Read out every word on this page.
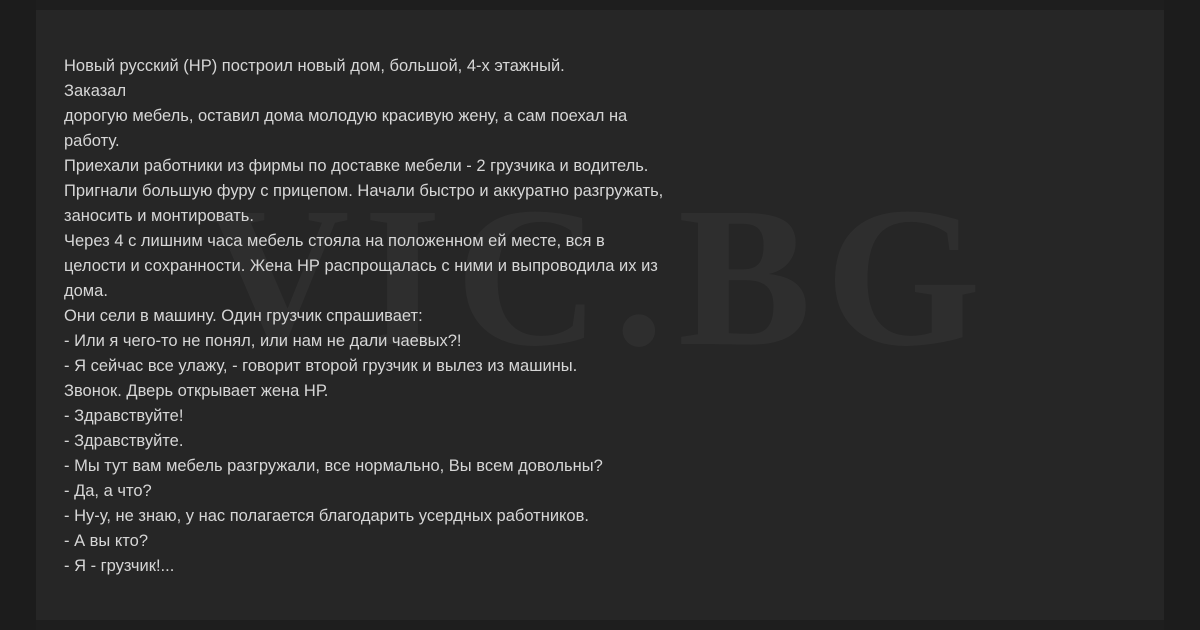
Новый русский (НР) построил новый дом, большой, 4-х этажный.
Заказал
дорогую мебель, оставил дома молодую красивую жену, а сам поехал на
работу.
Приехали работники из фирмы по доставке мебели - 2 грузчика и водитель.
Пригнали большую фуру с прицепом. Начали быстро и аккуратно разгружать,
заносить и монтировать.
Через 4 с лишним часа мебель стояла на положенном ей месте, вся в
целости и сохранности. Жена НР распрощалась с ними и выпроводила их из
дома.
Они сели в машину. Один грузчик спрашивает:
- Или я чего-то не понял, или нам не дали чаевых?!
- Я сейчас все улажу, - говорит второй грузчик и вылез из машины.
Звонок. Дверь открывает жена НР.
- Здравствуйте!
- Здравствуйте.
- Мы тут вам мебель разгружали, все нормально, Вы всем довольны?
- Да, а что?
- Ну-у, не знаю, у нас полагается благодарить усердных работников.
- А вы кто?
- Я - грузчик!...
